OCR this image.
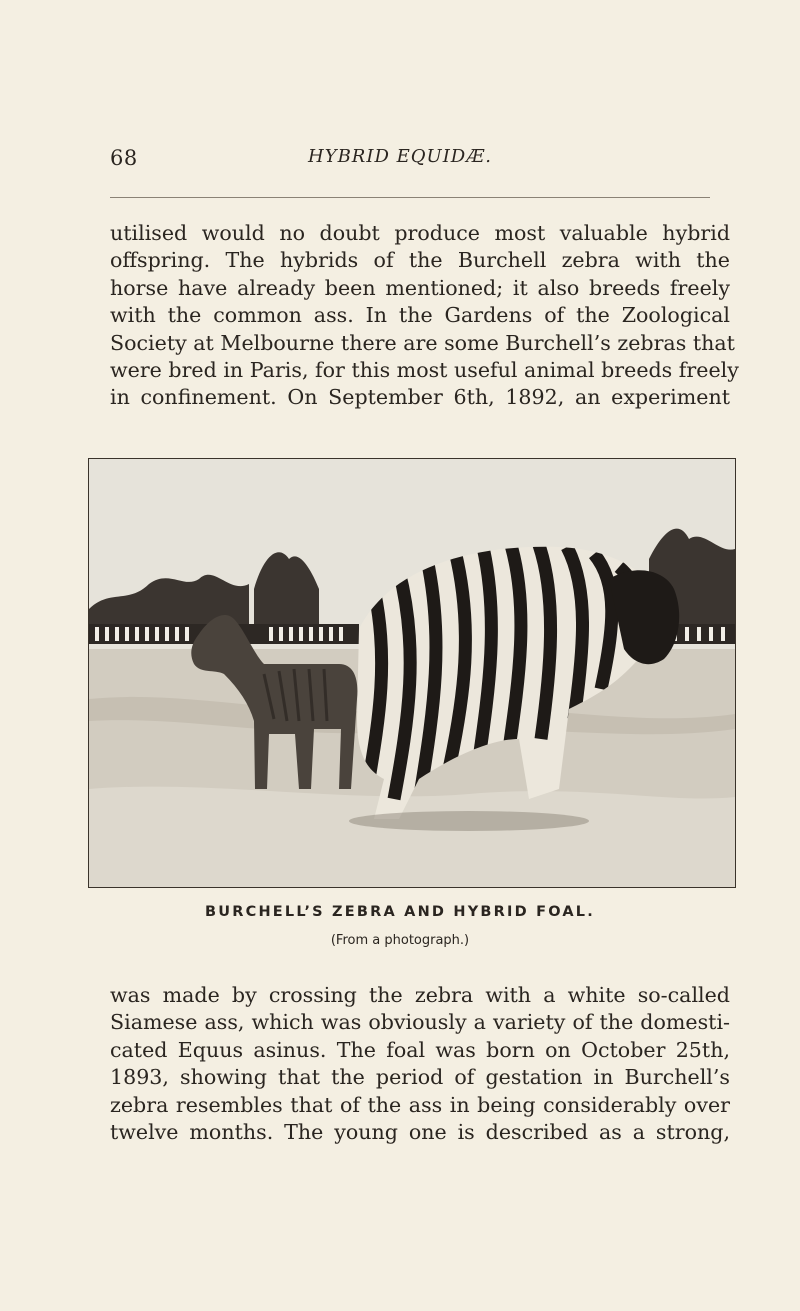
68	HYBRID EQUIDÆ.
utilised would no doubt produce most valuable hybrid
offspring. The hybrids of the Burchell zebra with the
horse have already been mentioned; it also breeds freely
with the common ass. In the Gardens of the Zoological
Society at Melbourne there are some Burchell’s zebras that
were bred in Paris, for this most useful animal breeds freely
in confinement. On September 6th, 1892, an experiment
BURCHELL’S ZEBRA AND HYBRID FOAL.
(From a photograph.)
was made by crossing the zebra with a white so-called
Siamese ass, which was obviously a variety of the domesti-
cated Equus asinus. The foal was born on October 25th,
1893, showing that the period of gestation in Burchell’s
zebra resembles that of the ass in being considerably over
twelve months. The young one is described as a strong,
